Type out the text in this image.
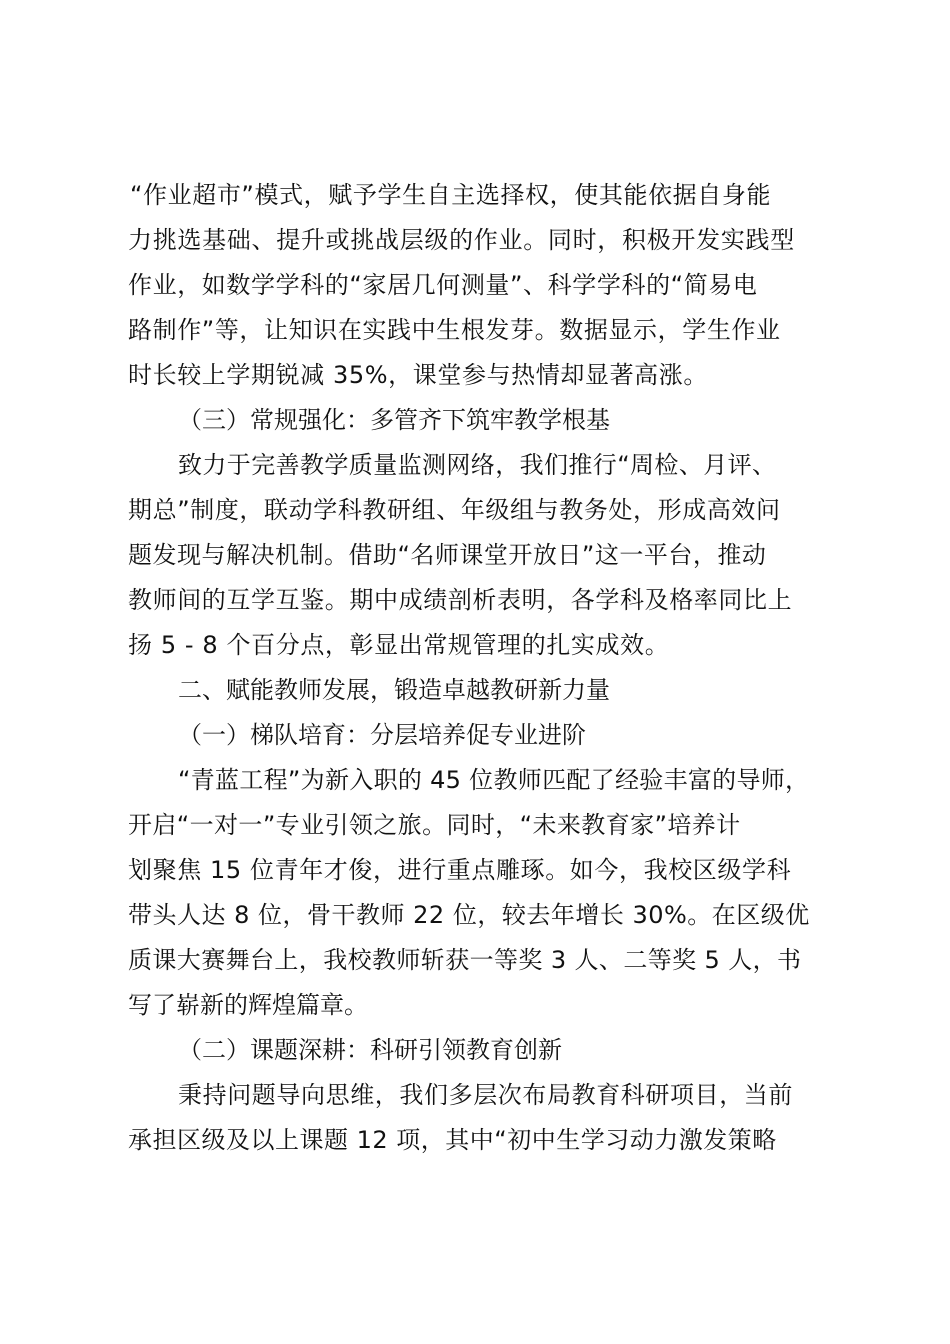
“作业超市”模式，赋予学生自主选择权，使其能依据自身能
力挑选基础、提升或挑战层级的作业。同时，积极开发实践型
作业，如数学学科的“家居几何测量”、科学学科的“简易电
路制作”等，让知识在实践中生根发芽。数据显示，学生作业
时长较上学期锐减 35%，课堂参与热情却显著高涨。
（三）常规强化：多管齐下筑牢教学根基
致力于完善教学质量监测网络，我们推行“周检、月评、
期总”制度，联动学科教研组、年级组与教务处，形成高效问
题发现与解决机制。借助“名师课堂开放日”这一平台，推动
教师间的互学互鉴。期中成绩剖析表明，各学科及格率同比上
扬 5 - 8 个百分点，彰显出常规管理的扎实成效。
二、赋能教师发展，锻造卓越教研新力量
（一）梯队培育：分层培养促专业进阶
“青蓝工程”为新入职的 45 位教师匹配了经验丰富的导师，
开启“一对一”专业引领之旅。同时，“未来教育家”培养计
划聚焦 15 位青年才俊，进行重点雕琢。如今，我校区级学科
带头人达 8 位，骨干教师 22 位，较去年增长 30%。在区级优
质课大赛舞台上，我校教师斩获一等奖 3 人、二等奖 5 人，书
写了崭新的辉煌篇章。
（二）课题深耕：科研引领教育创新
秉持问题导向思维，我们多层次布局教育科研项目，当前
承担区级及以上课题 12 项，其中“初中生学习动力激发策略
